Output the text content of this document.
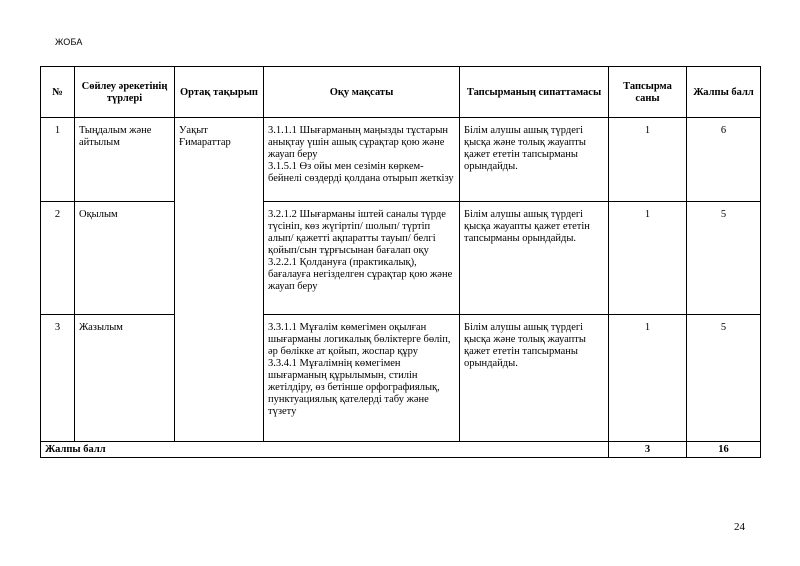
ЖОБА
№	Сөйлеу әрекетінің түрлері	Ортақ тақырып	Оқу мақсаты	Тапсырманың сипаттамасы	Тапсырма саны	Жалпы балл
1	Тыңдалым және айтылым	Уақыт Ғимараттар	3.1.1.1 Шығарманың маңызды тұстарын анықтау үшін ашық сұрақтар қою және жауап беру
3.1.5.1 Өз ойы мен сезімін көркем-бейнелі сөздерді қолдана отырып жеткізу	Білім алушы ашық түрдегі қысқа және толық жауапты қажет ететін тапсырманы орындайды.	1	6
2	Оқылым		3.2.1.2 Шығарманы іштей саналы түрде түсініп, көз жүгіртіп/ шолып/ түртіп алып/ қажетті ақпаратты тауып/ белгі қойып/сын тұрғысынан бағалап оқу
3.2.2.1 Қолдануға (практикалық), бағалауға негізделген сұрақтар қою және жауап беру	Білім алушы ашық түрдегі қысқа жауапты қажет ететін тапсырманы орындайды.	1	5
3	Жазылым		3.3.1.1 Мұғалім көмегімен оқылған шығарманы логикалық бөліктерге бөліп, әр бөлікке ат қойып, жоспар құру
3.3.4.1 Мұғалімнің көмегімен шығарманың құрылымын, стилін жетілдіру, өз бетінше орфографиялық, пунктуациялық қателерді табу және түзету	Білім алушы ашық түрдегі қысқа және толық жауапты қажет ететін тапсырманы орындайды.	1	5
Жалпы балл					3	16
24
